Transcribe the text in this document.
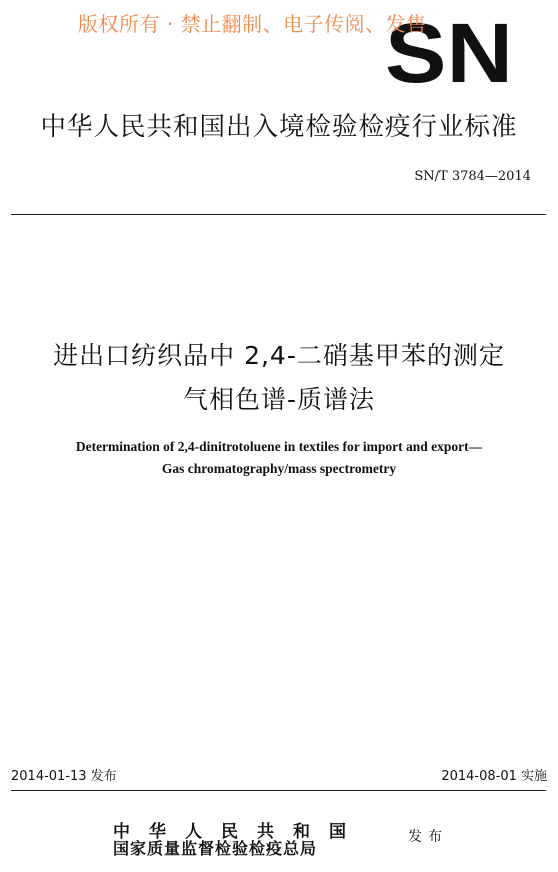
版权所有 · 禁止翻制、电子传阅、发售
SN
中华人民共和国出入境检验检疫行业标准
SN/T 3784—2014
进出口纺织品中 2,4-二硝基甲苯的测定
气相色谱-质谱法
Determination of 2,4-dinitrotoluene in textiles for import and export—
Gas chromatography/mass spectrometry
2014-01-13 发布	2014-08-01 实施
中华人民共和国
国家质量监督检验检疫总局
发布
